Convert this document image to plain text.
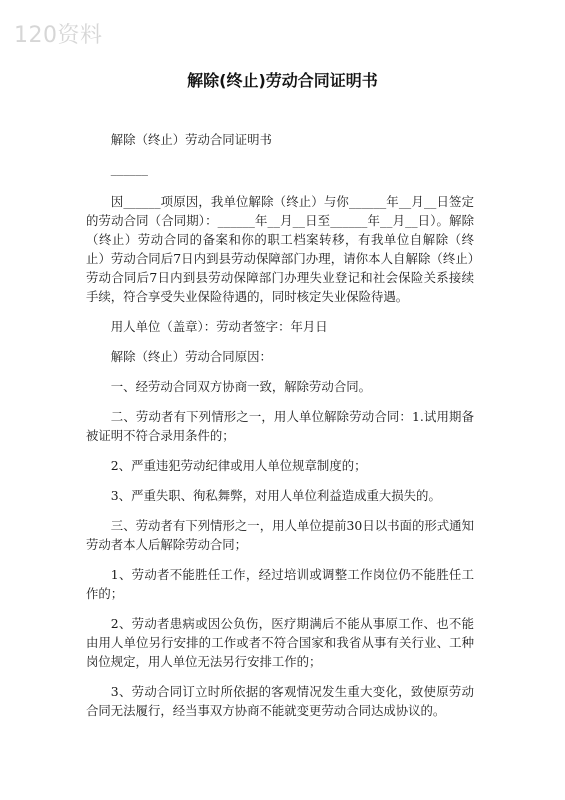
120资料
解除(终止)劳动合同证明书

解除（终止）劳动合同证明书

______

因______项原因，我单位解除（终止）与你______年__月__日签定的劳动合同（合同期）：______年__月__日至______年__月__日）。解除（终止）劳动合同的备案和你的职工档案转移，有我单位自解除（终止）劳动合同后7日内到县劳动保障部门办理，请你本人自解除（终止）劳动合同后7日内到县劳动保障部门办理失业登记和社会保险关系接续手续，符合享受失业保险待遇的，同时核定失业保险待遇。

用人单位（盖章）：劳动者签字：年月日

解除（终止）劳动合同原因：

一、经劳动合同双方协商一致，解除劳动合同。

二、劳动者有下列情形之一，用人单位解除劳动合同：1.试用期备被证明不符合录用条件的；

2、严重违犯劳动纪律或用人单位规章制度的；

3、严重失职、徇私舞弊，对用人单位利益造成重大损失的。

三、劳动者有下列情形之一，用人单位提前30日以书面的形式通知劳动者本人后解除劳动合同；

1、劳动者不能胜任工作，经过培训或调整工作岗位仍不能胜任工作的；

2、劳动者患病或因公负伤，医疗期满后不能从事原工作、也不能由用人单位另行安排的工作或者不符合国家和我省从事有关行业、工种岗位规定，用人单位无法另行安排工作的；

3、劳动合同订立时所依据的客观情况发生重大变化，致使原劳动合同无法履行，经当事双方协商不能就变更劳动合同达成协议的。
